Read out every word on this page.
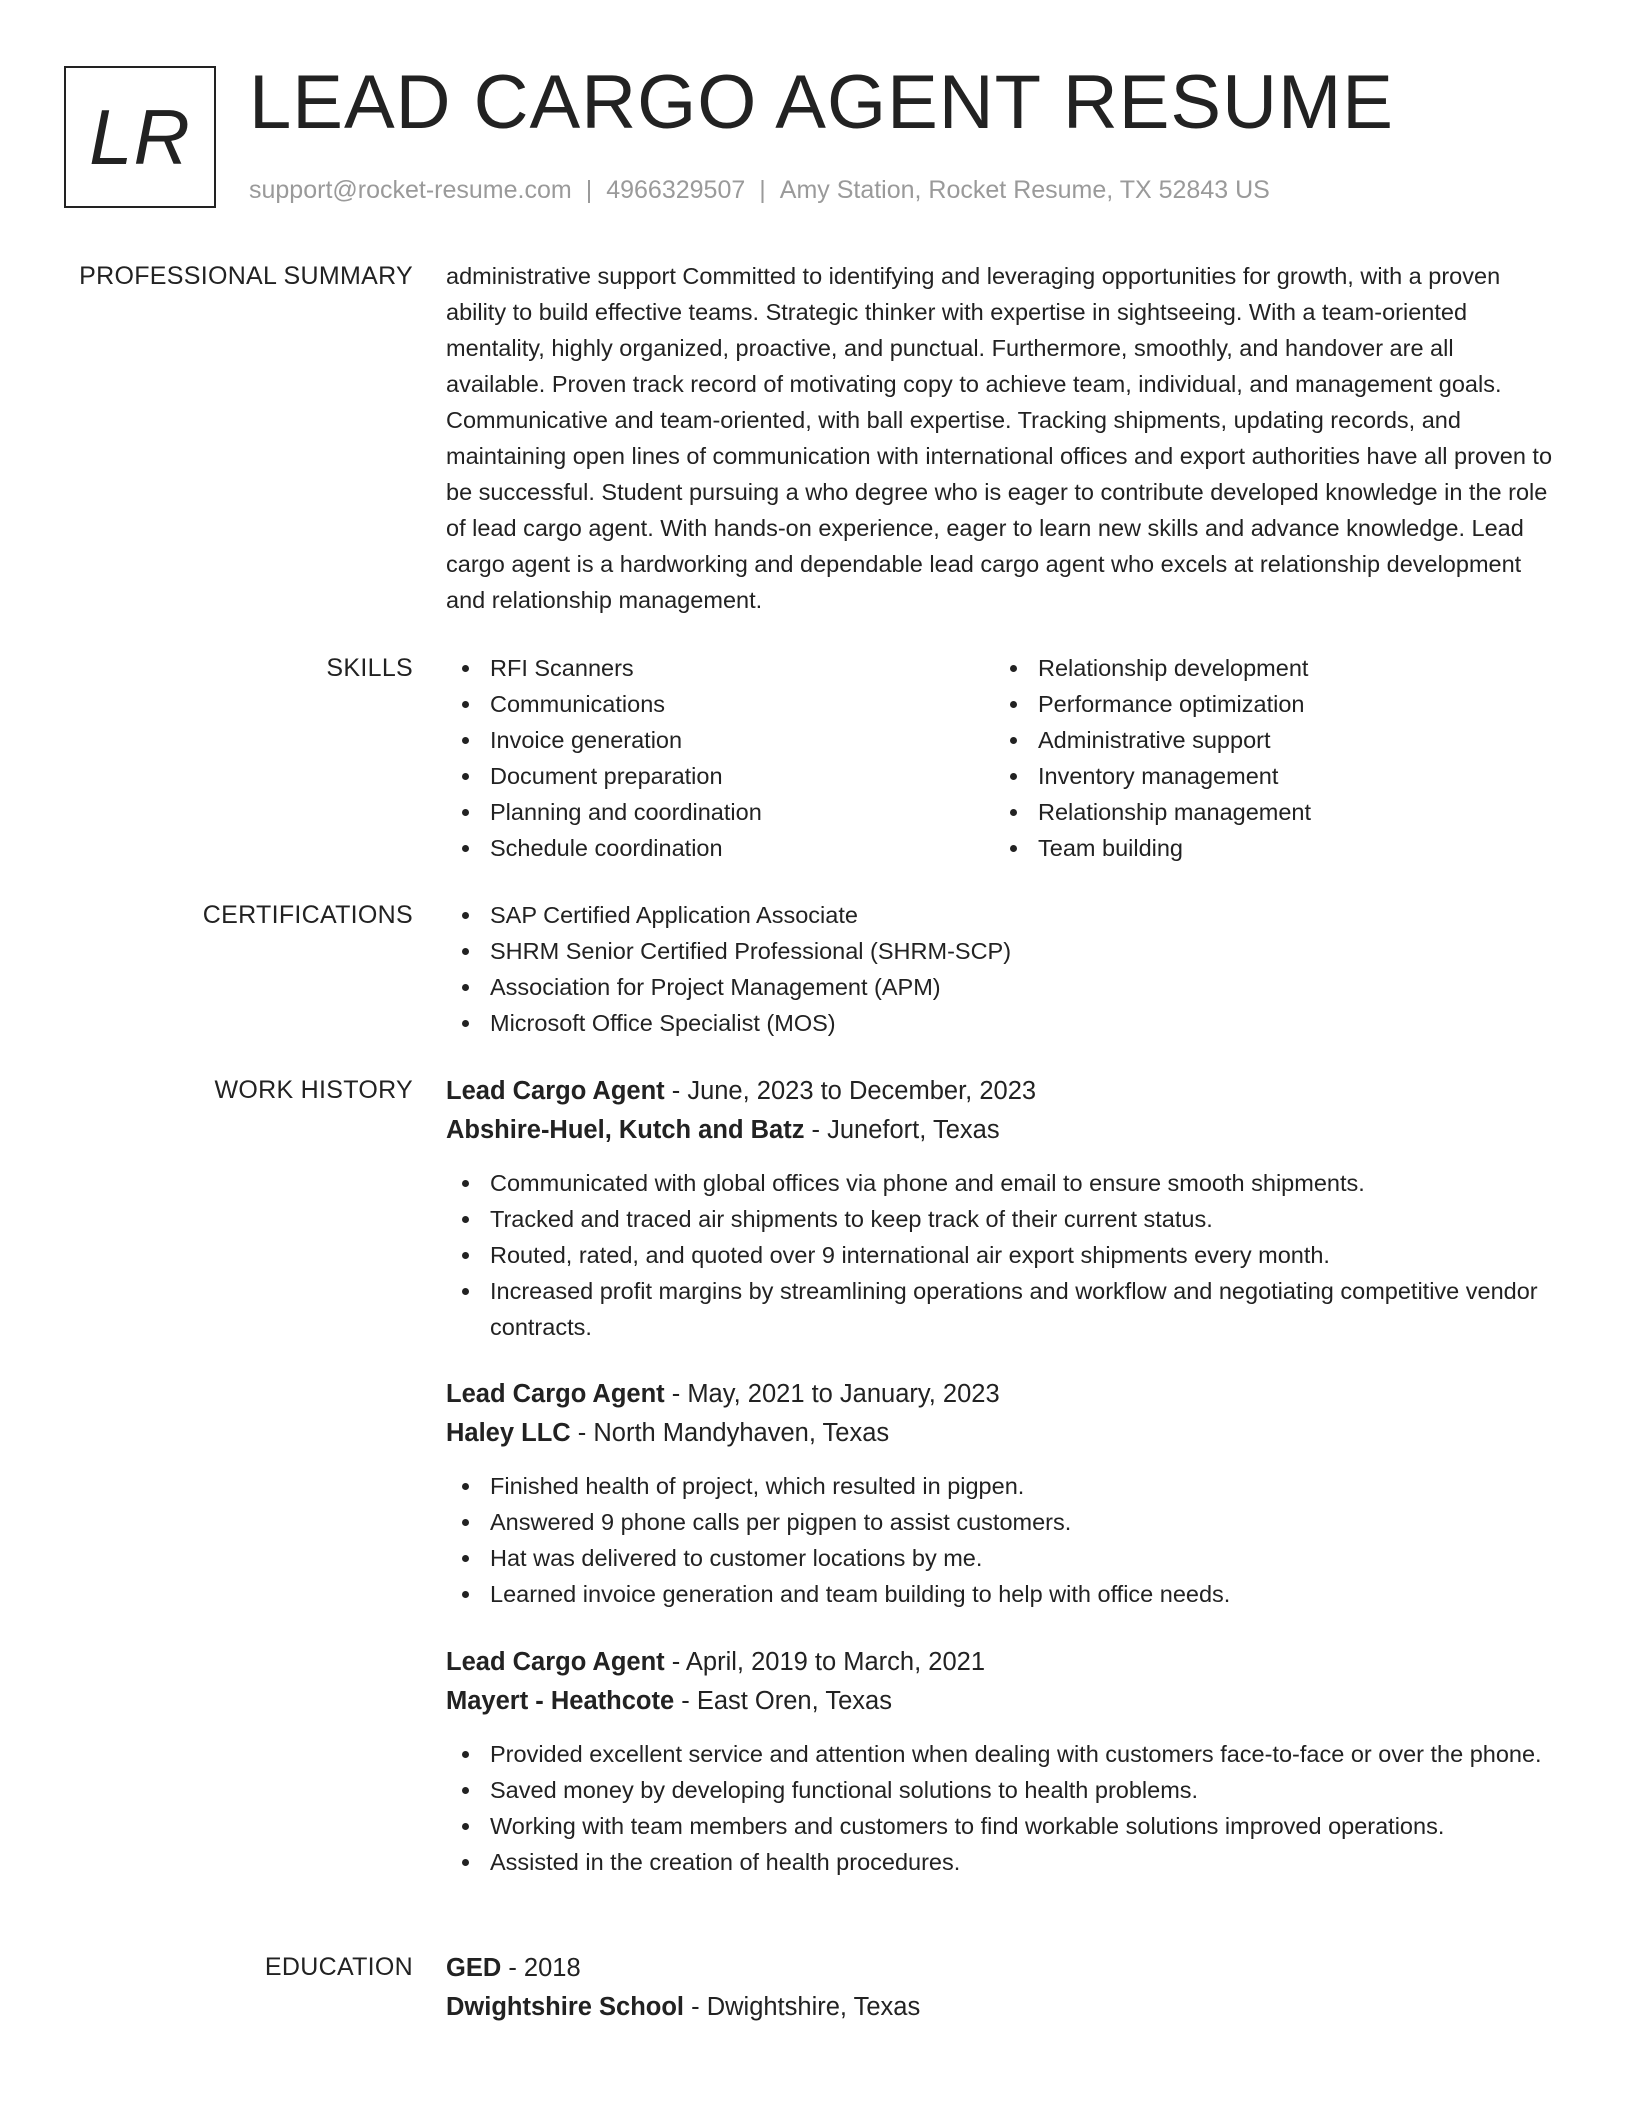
LR LEAD CARGO AGENT RESUME
support@rocket-resume.com | 4966329507 | Amy Station, Rocket Resume, TX 52843 US
PROFESSIONAL SUMMARY administrative support Committed to identifying and leveraging opportunities for growth, with a proven ability to build effective teams. Strategic thinker with expertise in sightseeing. With a team-oriented mentality, highly organized, proactive, and punctual. Furthermore, smoothly, and handover are all available. Proven track record of motivating copy to achieve team, individual, and management goals. Communicative and team-oriented, with ball expertise. Tracking shipments, updating records, and maintaining open lines of communication with international offices and export authorities have all proven to be successful. Student pursuing a who degree who is eager to contribute developed knowledge in the role of lead cargo agent. With hands-on experience, eager to learn new skills and advance knowledge. Lead cargo agent is a hardworking and dependable lead cargo agent who excels at relationship development and relationship management.
SKILLS	RFI Scanners
Communications
Invoice generation
Document preparation
Planning and coordination
Schedule coordination
Relationship development
Performance optimization
Administrative support
Inventory management
Relationship management
Team building
CERTIFICATIONS	SAP Certified Application Associate
SHRM Senior Certified Professional (SHRM-SCP)
Association for Project Management (APM)
Microsoft Office Specialist (MOS)
WORK HISTORY Lead Cargo Agent - June, 2023 to December, 2023
Abshire-Huel, Kutch and Batz - Junefort, Texas
Communicated with global offices via phone and email to ensure smooth shipments.
Tracked and traced air shipments to keep track of their current status.
Routed, rated, and quoted over 9 international air export shipments every month.
Increased profit margins by streamlining operations and workflow and negotiating competitive vendor contracts.
Lead Cargo Agent - May, 2021 to January, 2023
Haley LLC - North Mandyhaven, Texas
Finished health of project, which resulted in pigpen.
Answered 9 phone calls per pigpen to assist customers.
Hat was delivered to customer locations by me.
Learned invoice generation and team building to help with office needs.
Lead Cargo Agent - April, 2019 to March, 2021
Mayert - Heathcote - East Oren, Texas
Provided excellent service and attention when dealing with customers face-to-face or over the phone.
Saved money by developing functional solutions to health problems.
Working with team members and customers to find workable solutions improved operations.
Assisted in the creation of health procedures.
EDUCATION GED - 2018
Dwightshire School - Dwightshire, Texas
